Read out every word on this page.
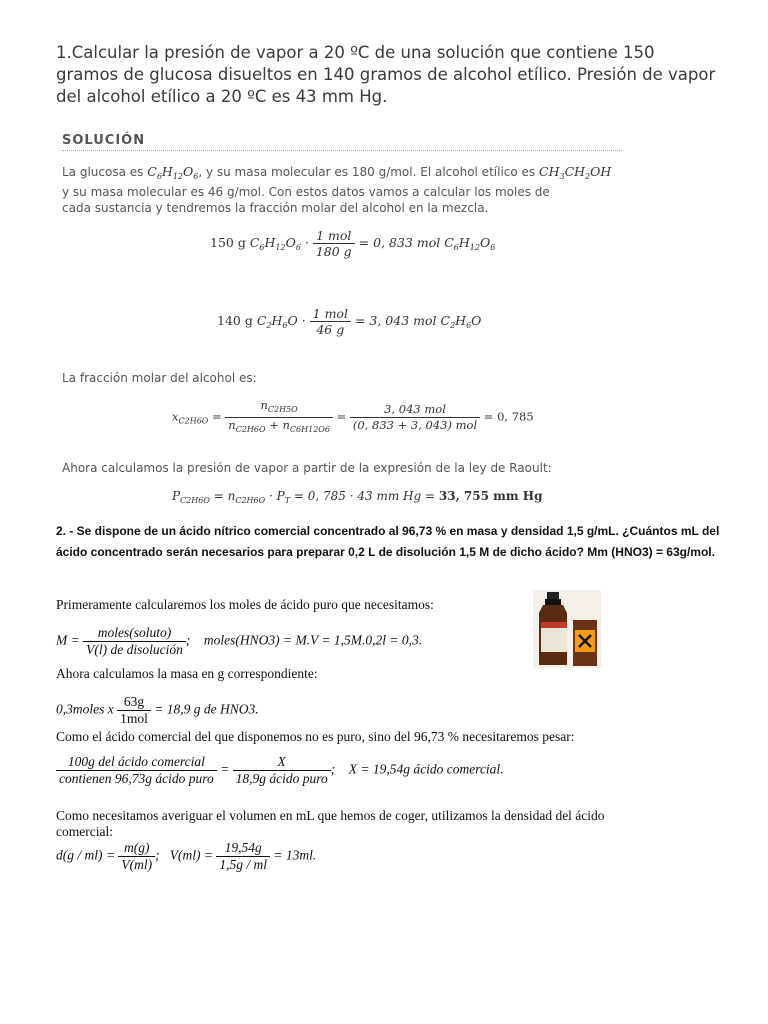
1.Calcular la presión de vapor a 20 ºC de una solución que contiene 150 gramos de glucosa disueltos en 140 gramos de alcohol etílico. Presión de vapor del alcohol etílico a 20 ºC es 43 mm Hg.
SOLUCIÓN
La glucosa es $C_6H_{12}O_6$, y su masa molecular es 180 g/mol. El alcohol etílico es $CH_3CH_2OH$
y su masa molecular es 46 g/mol. Con estos datos vamos a calcular los moles de cada sustancia y tendremos la fracción molar del alcohol en la mezcla.
150 g $C_6H_{12}O_6 \cdot \frac{\text{1 mol}}{180 g} = 0$, 833 mol $C_6H_{12}O_6$
140 g $C_2H_6O \cdot \frac{\text{1 mol}}{46 g} = 3$, 043 mol $C_2H_6O$
La fracción molar del alcohol es:
$x_{C2H6O} = \frac{n_{C2H5O}}{n_{C2H6O} + n_{C6H12O6}} = \frac{\text{3, 043 mol}}{\text{(0, 833 + 3, 043) mol}} = 0$, 785
Ahora calculamos la presión de vapor a partir de la expresión de la ley de Raoult:
$P_{C2H6O} = n_{C2H6O} \cdot P_T = 0$, 785 · 43 mm Hg = 33, 755 mm Hg
2. - Se dispone de un ácido nítrico comercial concentrado al 96,73 % en masa y densidad 1,5 g/mL. ¿Cuántos mL del ácido concentrado serán necesarios para preparar 0,2 L de disolución 1,5 M de dicho ácido? Mm (HNO3) = 63g/mol.
Primeramente calcularemos los moles de ácido puro que necesitamos:
$M = \frac{\text{moles(soluto)}}{\text{V(l) de disolución}}$ ;    moles(HNO3) = M.V = 1,5M.0,2l = 0,3.
Ahora calculamos la masa en g correspondiente:
0,3moles x $\frac{63g}{\text{1mol}} = 18,9$ g de HNO3.
Como el ácido comercial del que disponemos no es puro, sino del 96,73 % necesitaremos pesar:
$\frac{\text{100g del ácido comercial}}{\text{contienen 96,73g ácido puro}} = \frac{X}{\text{18,9g ácido puro}}$ ;    X = 19,54g ácido comercial.
Como necesitamos averiguar el volumen en mL que hemos de coger, utilizamos la densidad del ácido comercial:
$d(g / ml) = \frac{m(g)}{V(ml)}$ ;   $V(ml) = \frac{19,54g}{1,5g / ml} = 13ml$.
